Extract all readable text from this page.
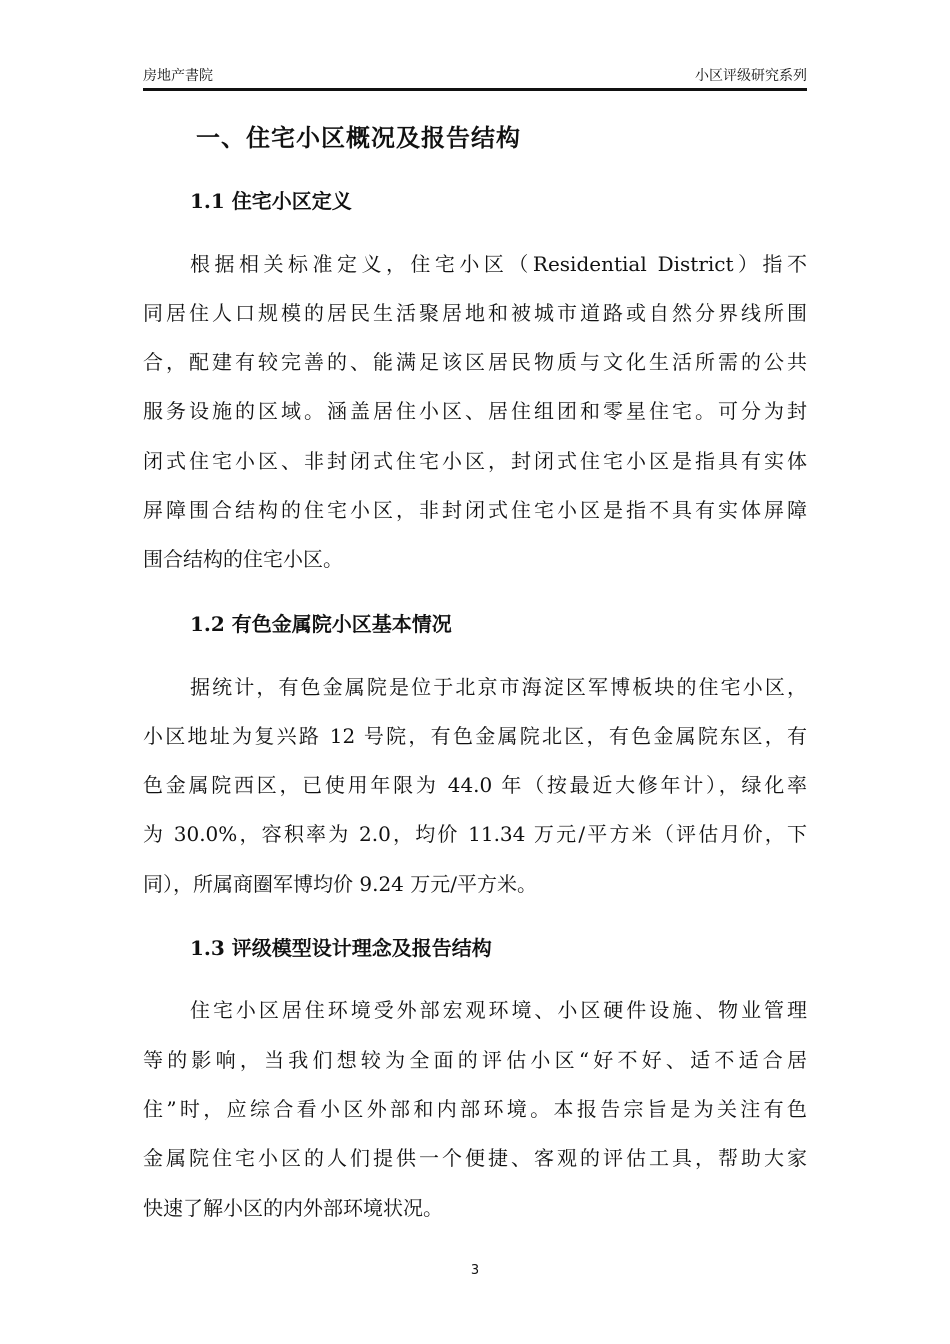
房地产書院	小区评级研究系列
一、住宅小区概况及报告结构
1.1 住宅小区定义
根据相关标准定义，住宅小区（Residential District）指不
同居住人口规模的居民生活聚居地和被城市道路或自然分界线所围
合，配建有较完善的、能满足该区居民物质与文化生活所需的公共
服务设施的区域。涵盖居住小区、居住组团和零星住宅。可分为封
闭式住宅小区、非封闭式住宅小区，封闭式住宅小区是指具有实体
屏障围合结构的住宅小区，非封闭式住宅小区是指不具有实体屏障
围合结构的住宅小区。
1.2 有色金属院小区基本情况
据统计，有色金属院是位于北京市海淀区军博板块的住宅小区，
小区地址为复兴路 12 号院，有色金属院北区，有色金属院东区，有
色金属院西区，已使用年限为 44.0 年（按最近大修年计），绿化率
为 30.0%，容积率为 2.0，均价 11.34 万元/平方米（评估月价，下
同），所属商圈军博均价 9.24 万元/平方米。
1.3 评级模型设计理念及报告结构
住宅小区居住环境受外部宏观环境、小区硬件设施、物业管理
等的影响，当我们想较为全面的评估小区“好不好、适不适合居
住”时，应综合看小区外部和内部环境。本报告宗旨是为关注有色
金属院住宅小区的人们提供一个便捷、客观的评估工具，帮助大家
快速了解小区的内外部环境状况。
3
